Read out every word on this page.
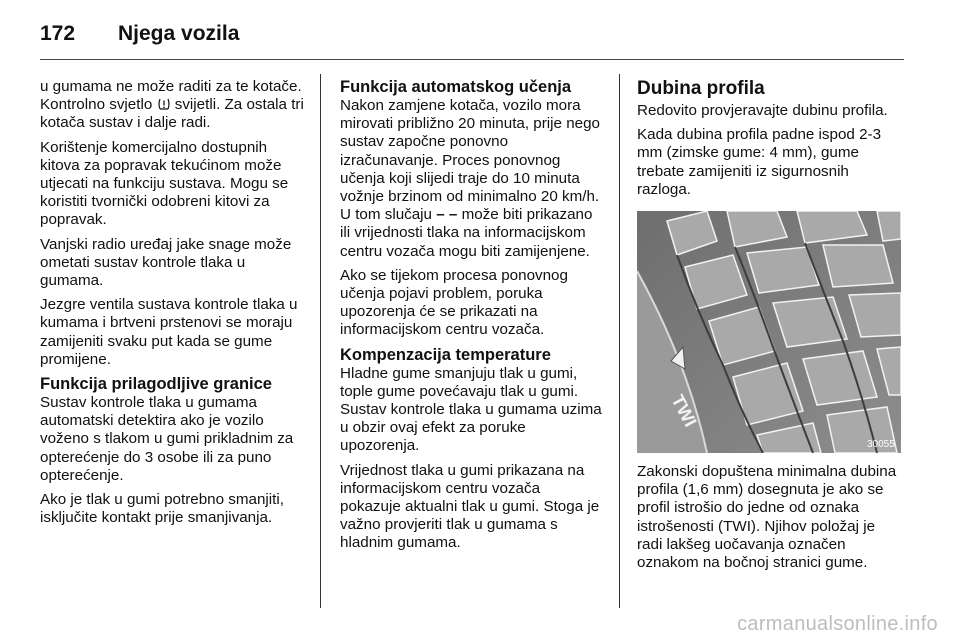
172	Njega vozila

u gumama ne može raditi za te kotače. Kontrolno svjetlo  svijetli. Za ostala tri kotača sustav i dalje radi.

Korištenje komercijalno dostupnih kitova za popravak tekućinom može utjecati na funkciju sustava. Mogu se koristiti tvornički odobreni kitovi za popravak.

Vanjski radio uređaj jake snage može ometati sustav kontrole tlaka u gumama.

Jezgre ventila sustava kontrole tlaka u kumama i brtveni prstenovi se moraju zamijeniti svaku put kada se gume promijene.

Funkcija prilagodljive granice

Sustav kontrole tlaka u gumama automatski detektira ako je vozilo voženo s tlakom u gumi prikladnim za opterećenje do 3 osobe ili za puno opterećenje.

Ako je tlak u gumi potrebno smanjiti, isključite kontakt prije smanjivanja.

Funkcija automatskog učenja

Nakon zamjene kotača, vozilo mora mirovati približno 20 minuta, prije nego sustav započne ponovno izračunavanje. Proces ponovnog učenja koji slijedi traje do 10 minuta vožnje brzinom od minimalno 20 km/h. U tom slučaju – – može biti prikazano ili vrijednosti tlaka na informacijskom centru vozača mogu biti zamijenjene.

Ako se tijekom procesa ponovnog učenja pojavi problem, poruka upozorenja će se prikazati na informacijskom centru vozača.

Kompenzacija temperature

Hladne gume smanjuju tlak u gumi, tople gume povećavaju tlak u gumi. Sustav kontrole tlaka u gumama uzima u obzir ovaj efekt za poruke upozorenja.

Vrijednost tlaka u gumi prikazana na informacijskom centru vozača pokazuje aktualni tlak u gumi. Stoga je važno provjeriti tlak u gumama s hladnim gumama.

Dubina profila

Redovito provjeravajte dubinu profila.

Kada dubina profila padne ispod 2-3 mm (zimske gume: 4 mm), gume trebate zamijeniti iz sigurnosnih razloga.

TWI
30055

Zakonski dopuštena minimalna dubina profila (1,6 mm) dosegnuta je ako se profil istrošio do jedne od oznaka istrošenosti (TWI). Njihov položaj je radi lakšeg uočavanja označen oznakom na bočnoj stranici gume.

carmanualsonline.info
